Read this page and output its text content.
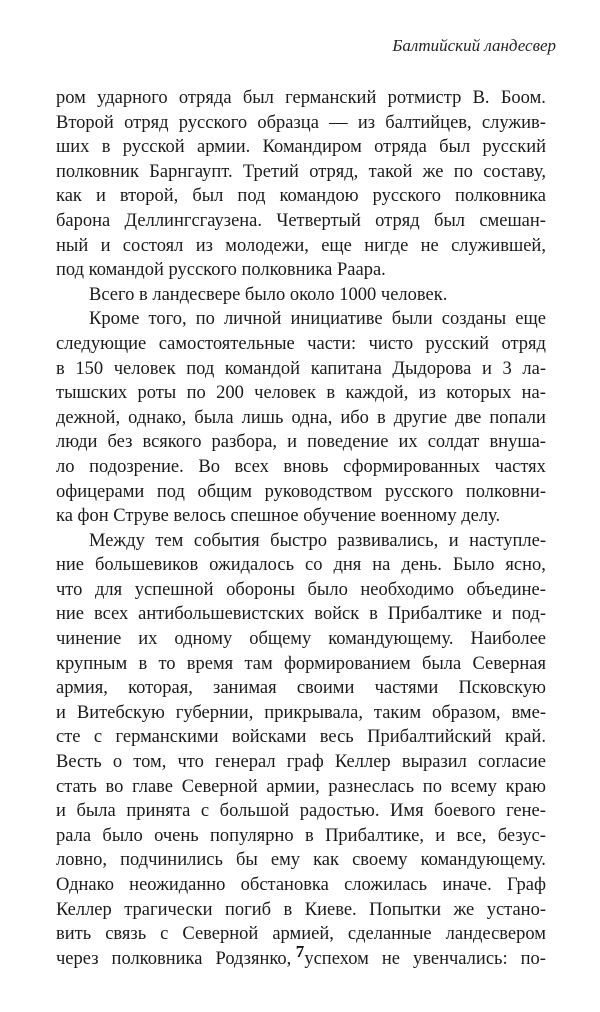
Балтийский ландесвер
ром ударного отряда был германский ротмистр В. Боом.
Второй отряд русского образца — из балтийцев, служив-
ших в русской армии. Командиром отряда был русский
полковник Барнгаупт. Третий отряд, такой же по составу,
как и второй, был под командою русского полковника
барона Деллингсгаузена. Четвертый отряд был смешан-
ный и состоял из молодежи, еще нигде не служившей,
под командой русского полковника Раара.
Всего в ландесвере было около 1000 человек.
Кроме того, по личной инициативе были созданы еще
следующие самостоятельные части: чисто русский отряд
в 150 человек под командой капитана Дыдорова и 3 ла-
тышских роты по 200 человек в каждой, из которых на-
дежной, однако, была лишь одна, ибо в другие две попали
люди без всякого разбора, и поведение их солдат внуша-
ло подозрение. Во всех вновь сформированных частях
офицерами под общим руководством русского полковни-
ка фон Струве велось спешное обучение военному делу.
Между тем события быстро развивались, и наступле-
ние большевиков ожидалось со дня на день. Было ясно,
что для успешной обороны было необходимо объедине-
ние всех антибольшевистских войск в Прибалтике и под-
чинение их одному общему командующему. Наиболее
крупным в то время там формированием была Северная
армия, которая, занимая своими частями Псковскую
и Витебскую губернии, прикрывала, таким образом, вме-
сте с германскими войсками весь Прибалтийский край.
Весть о том, что генерал граф Келлер выразил согласие
стать во главе Северной армии, разнеслась по всему краю
и была принята с большой радостью. Имя боевого гене-
рала было очень популярно в Прибалтике, и все, безус-
ловно, подчинились бы ему как своему командующему.
Однако неожиданно обстановка сложилась иначе. Граф
Келлер трагически погиб в Киеве. Попытки же устано-
вить связь с Северной армией, сделанные ландесвером
через полковника Родзянко, успехом не увенчались: по-
7
